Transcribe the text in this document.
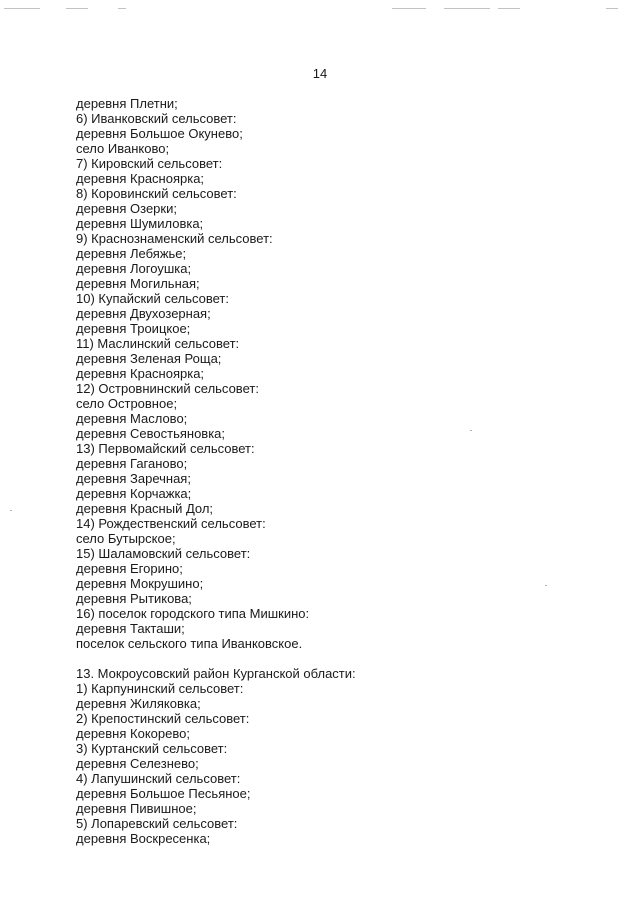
14
деревня Плетни;
6) Иванковский сельсовет:
деревня Большое Окунево;
село Иванково;
7) Кировский сельсовет:
деревня Красноярка;
8) Коровинский сельсовет:
деревня Озерки;
деревня Шумиловка;
9) Краснознаменский сельсовет:
деревня Лебяжье;
деревня Логоушка;
деревня Могильная;
10) Купайский сельсовет:
деревня Двухозерная;
деревня Троицкое;
11) Маслинский сельсовет:
деревня Зеленая Роща;
деревня Красноярка;
12) Островнинский сельсовет:
село Островное;
деревня Маслово;
деревня Севостьяновка;
13) Первомайский сельсовет:
деревня Гаганово;
деревня Заречная;
деревня Корчажка;
деревня Красный Дол;
14) Рождественский сельсовет:
село Бутырское;
15) Шаламовский сельсовет:
деревня Егорино;
деревня Мокрушино;
деревня Рытикова;
16) поселок городского типа Мишкино:
деревня Такташи;
поселок сельского типа Иванковское.
13. Мокроусовский район Курганской области:
1) Карпунинский сельсовет:
деревня Жиляковка;
2) Крепостинский сельсовет:
деревня Кокорево;
3) Куртанский сельсовет:
деревня Селезнево;
4) Лапушинский сельсовет:
деревня Большое Песьяное;
деревня Пивишное;
5) Лопаревский сельсовет:
деревня Воскресенка;
